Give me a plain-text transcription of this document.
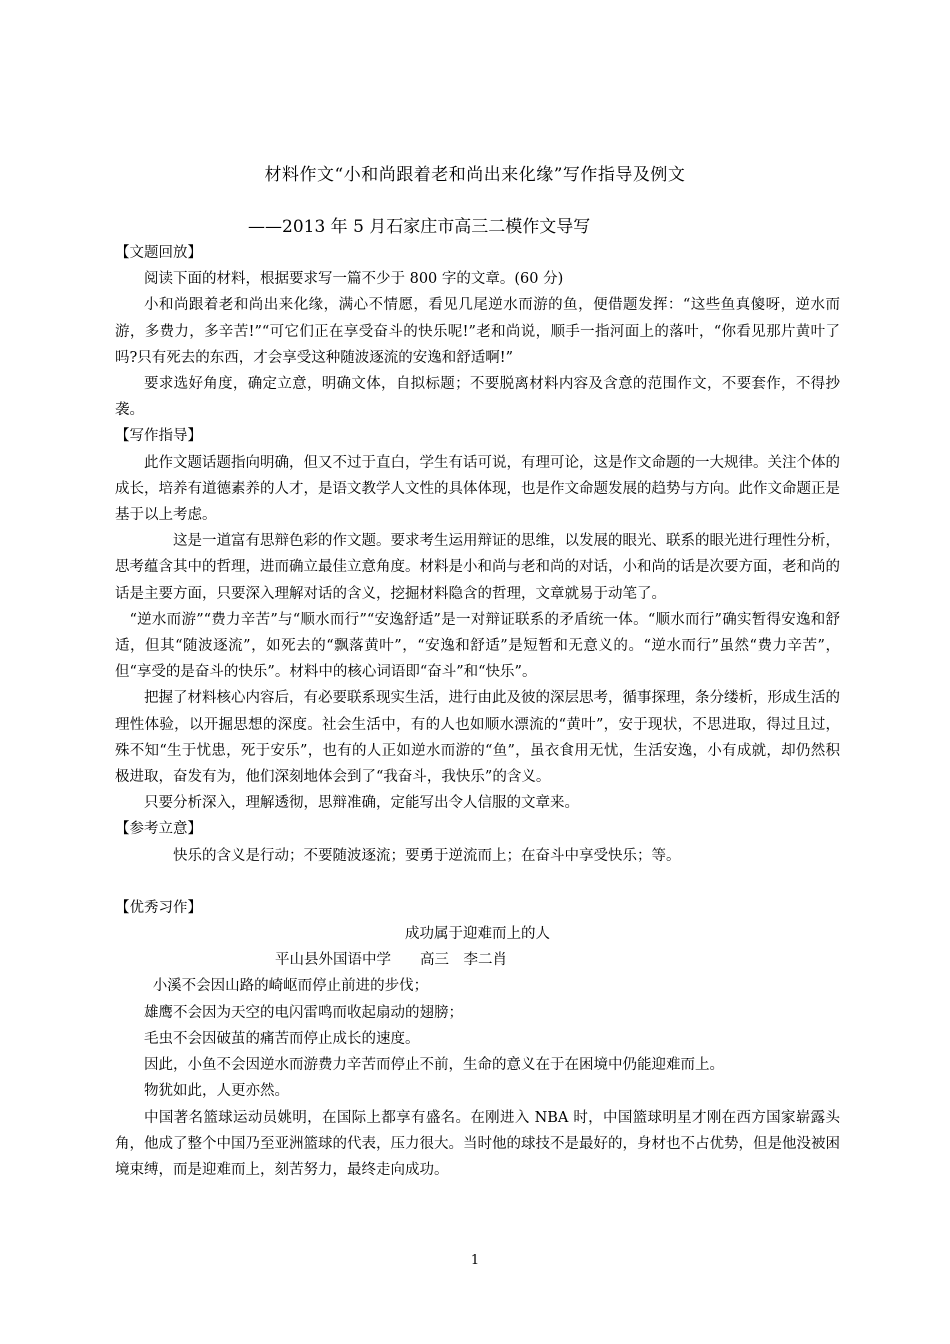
材料作文“小和尚跟着老和尚出来化缘”写作指导及例文
——2013 年 5 月石家庄市高三二模作文导写

【文题回放】

阅读下面的材料，根据要求写一篇不少于 800 字的文章。(60 分)

小和尚跟着老和尚出来化缘，满心不情愿，看见几尾逆水而游的鱼，便借题发挥：“这些鱼真傻呀，逆水而游，多费力，多辛苦!”“可它们正在享受奋斗的快乐呢!”老和尚说，顺手一指河面上的落叶，“你看见那片黄叶了吗?只有死去的东西，才会享受这种随波逐流的安逸和舒适啊!”

要求选好角度，确定立意，明确文体，自拟标题；不要脱离材料内容及含意的范围作文，不要套作，不得抄袭。

【写作指导】

此作文题话题指向明确，但又不过于直白，学生有话可说，有理可论，这是作文命题的一大规律。关注个体的成长，培养有道德素养的人才，是语文教学人文性的具体体现，也是作文命题发展的趋势与方向。此作文命题正是基于以上考虑。

这是一道富有思辩色彩的作文题。要求考生运用辩证的思维，以发展的眼光、联系的眼光进行理性分析，思考蕴含其中的哲理，进而确立最佳立意角度。材料是小和尚与老和尚的对话，小和尚的话是次要方面，老和尚的话是主要方面，只要深入理解对话的含义，挖掘材料隐含的哲理，文章就易于动笔了。

“逆水而游”“费力辛苦”与“顺水而行”“安逸舒适”是一对辩证联系的矛盾统一体。“顺水而行”确实暂得安逸和舒适，但其“随波逐流”，如死去的“飘落黄叶”，“安逸和舒适”是短暂和无意义的。“逆水而行”虽然“费力辛苦”，但“享受的是奋斗的快乐”。材料中的核心词语即“奋斗”和“快乐”。

把握了材料核心内容后，有必要联系现实生活，进行由此及彼的深层思考，循事探理，条分缕析，形成生活的理性体验，以开掘思想的深度。社会生活中，有的人也如顺水漂流的“黄叶”，安于现状，不思进取，得过且过，殊不知“生于忧患，死于安乐”，也有的人正如逆水而游的“鱼”，虽衣食用无忧，生活安逸，小有成就，却仍然积极进取，奋发有为，他们深刻地体会到了“我奋斗，我快乐”的含义。

只要分析深入，理解透彻，思辩准确，定能写出令人信服的文章来。

【参考立意】

快乐的含义是行动；不要随波逐流；要勇于逆流而上；在奋斗中享受快乐；等。

【优秀习作】

成功属于迎难而上的人

平山县外国语中学　　高三　李二肖

小溪不会因山路的崎岖而停止前进的步伐；

雄鹰不会因为天空的电闪雷鸣而收起扇动的翅膀；

毛虫不会因破茧的痛苦而停止成长的速度。

因此，小鱼不会因逆水而游费力辛苦而停止不前，生命的意义在于在困境中仍能迎难而上。

物犹如此，人更亦然。

中国著名篮球运动员姚明，在国际上都享有盛名。在刚进入 NBA 时，中国篮球明星才刚在西方国家崭露头角，他成了整个中国乃至亚洲篮球的代表，压力很大。当时他的球技不是最好的，身材也不占优势，但是他没被困境束缚，而是迎难而上，刻苦努力，最终走向成功。

1
